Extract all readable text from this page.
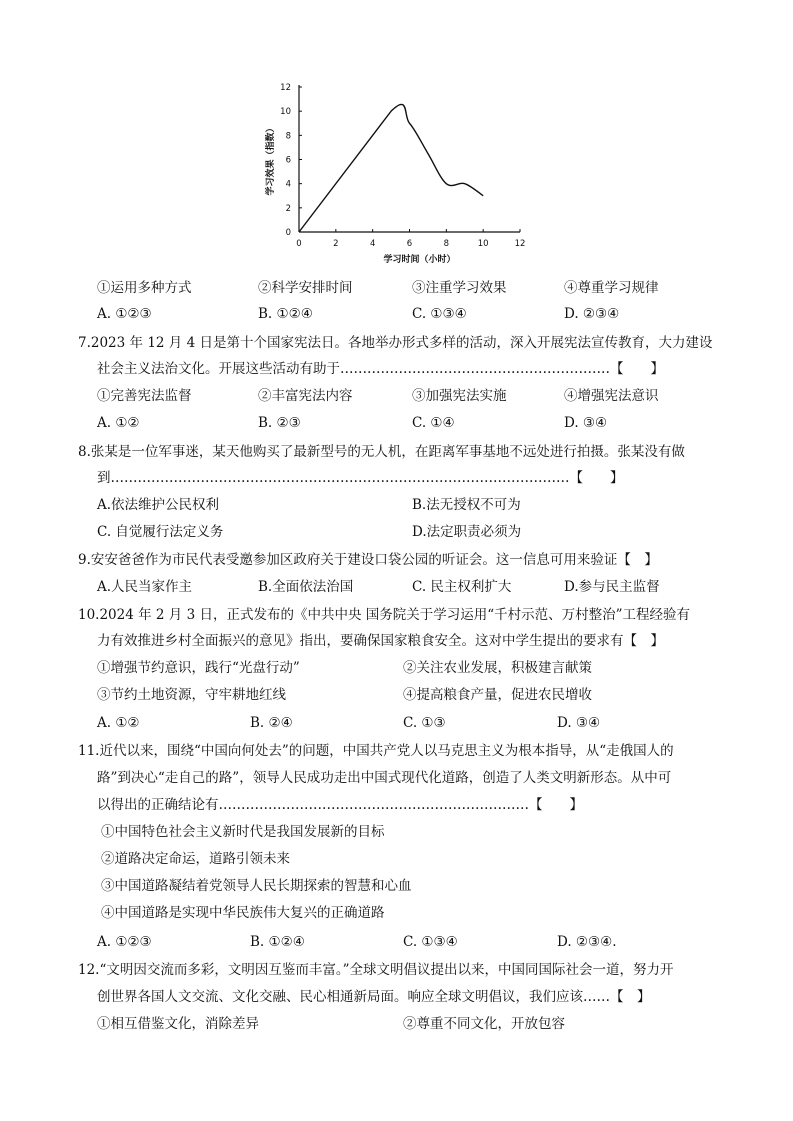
0	2	4	6	8	10	12
0
2
4
6
8
10
12
学习时间（小时）
学习效果（指数）
①运用多种方式	②科学安排时间	③注重学习效果	④尊重学习规律
A. ①②③	B. ①②④	C. ①③④	D. ②③④
7.2023 年 12 月 4 日是第十个国家宪法日。各地举办形式多样的活动，深入开展宪法宣传教育，大力建设
社会主义法治文化。开展这些活动有助于……………………………………………………【　　】
①完善宪法监督	②丰富宪法内容	③加强宪法实施	④增强宪法意识
A. ①②	B. ②③	C. ①④	D. ③④
8.张某是一位军事迷，某天他购买了最新型号的无人机，在距离军事基地不远处进行拍摄。张某没有做
到…………………………………………………………………………………………【　　】
A.依法维护公民权利	B.法无授权不可为
C. 自觉履行法定义务	D.法定职责必须为
9.安安爸爸作为市民代表受邀参加区政府关于建设口袋公园的听证会。这一信息可用来验证【　】
A.人民当家作主	B.全面依法治国	C. 民主权利扩大	D.参与民主监督
10.2024 年 2 月 3 日，正式发布的《中共中央 国务院关于学习运用“千村示范、万村整治”工程经验有
力有效推进乡村全面振兴的意见》指出，要确保国家粮食安全。这对中学生提出的要求有【　】
①增强节约意识，践行“光盘行动”	②关注农业发展，积极建言献策
③节约土地资源，守牢耕地红线	④提高粮食产量，促进农民增收
A. ①②	B. ②④	C. ①③	D. ③④
11.近代以来，围绕“中国向何处去”的问题，中国共产党人以马克思主义为根本指导，从“走俄国人的
路”到决心“走自己的路”，领导人民成功走出中国式现代化道路，创造了人类文明新形态。从中可
以得出的正确结论有……………………………………………………………【　　】
①中国特色社会主义新时代是我国发展新的目标
②道路决定命运，道路引领未来
③中国道路凝结着党领导人民长期探索的智慧和心血
④中国道路是实现中华民族伟大复兴的正确道路
A. ①②③	B. ①②④	C. ①③④	D. ②③④.
12.“文明因交流而多彩，文明因互鉴而丰富。”全球文明倡议提出以来，中国同国际社会一道，努力开
创世界各国人文交流、文化交融、民心相通新局面。响应全球文明倡议，我们应该……【　】
①相互借鉴文化，消除差异	②尊重不同文化，开放包容
